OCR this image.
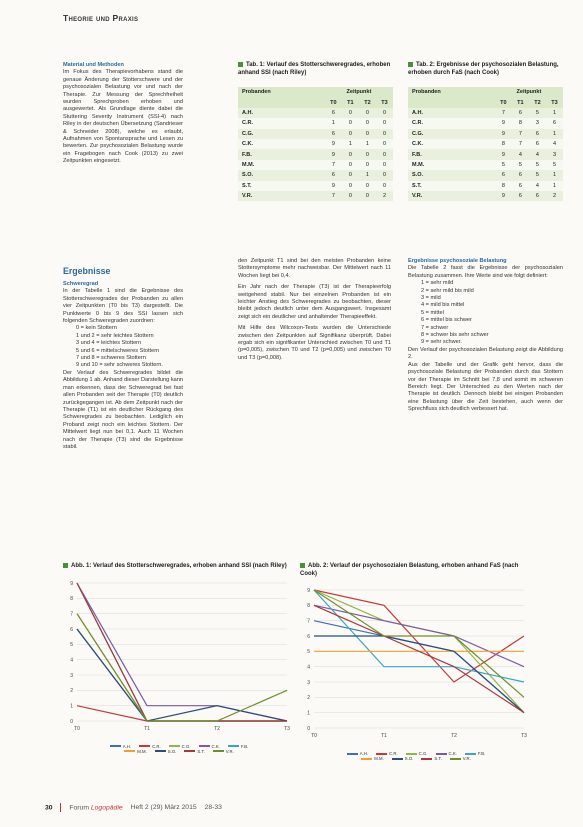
Theorie und Praxis

Material und Methoden

Im Fokus des Therapievorhabens stand die genaue Änderung der Stotterschwere und der psychosozialen Belastung vor und nach der Therapie. Zur Messung der Sprechfreiheit wurden Sprechproben erhoben und ausgewertet. Als Grundlage diente dabei die Stuttering Severity Instrument (SSI-4) nach Riley in der deutschen Übersetzung (Sandrieser & Schneider 2008), welche es erlaubt, Aufnahmen von Spontansprache und Lesen zu bewerten. Zur psychosozialen Belastung wurde ein Fragebogen nach Cook (2013) zu zwei Zeitpunkten eingesetzt.

Ergebnisse

Schweregrad

In der Tabelle 1 sind die Ergebnisse des Stotterschweregrades der Probanden zu allen vier Zeitpunkten (T0 bis T3) dargestellt. Die Punktwerte 0 bis 9 des SSI lassen sich folgenden Schweregraden zuordnen:

0 = kein Stottern
1 und 2 = sehr leichtes Stottern
3 und 4 = leichtes Stottern
5 und 6 = mittelschweres Stottern
7 und 8 = schweres Stottern
9 und 10 = sehr schweres Stottern.

Der Verlauf des Schweregrades bildet die Abbildung 1 ab. Anhand dieser Darstellung kann man erkennen, dass der Schweregrad bei fast allen Probanden seit der Therapie (T0) deutlich zurückgegangen ist. Ab dem Zeitpunkt nach der Therapie (T1) ist ein deutlicher Rückgang des Schweregrades zu beobachten. Lediglich ein Proband zeigt noch ein leichtes Stottern. Der Mittelwert liegt nun bei 0,1. Auch 11 Wochen nach der Therapie (T3) sind die Ergebnisse stabil.

Tab. 1: Verlauf des Stotterschweregrades, erhoben anhand SSI (nach Riley)
Probanden	Zeitpunkt			
	T0	T1	T2	T3
A.H.	6	0	0	0
C.R.	1	0	0	0
C.G.	6	0	0	0
C.K.	9	1	1	0
F.B.	9	0	0	0
M.M.	7	0	0	0
S.O.	6	0	1	0
S.T.	9	0	0	0
V.R.	7	0	0	2
Tab. 2: Ergebnisse der psychosozialen Belastung, erhoben durch FaS (nach Cook)
Probanden	Zeitpunkt			
	T0	T1	T2	T3
A.H.	7	6	5	1
C.R.	9	8	3	6
C.G.	9	7	6	1
C.K.	8	7	6	4
F.B.	9	4	4	3
M.M.	5	5	5	5
S.O.	6	6	5	1
S.T.	8	6	4	1
V.R.	9	6	6	2

den Zeitpunkt T1 sind bei den meisten Probanden keine Stottersymptome mehr nachweisbar. Der Mittelwert nach 11 Wochen liegt bei 0,4.

Ein Jahr nach der Therapie (T3) ist der Therapieerfolg weitgehend stabil. Nur bei einzelnen Probanden ist ein leichter Anstieg des Schweregrades zu beobachten, dieser bleibt jedoch deutlich unter dem Ausgangswert. Insgesamt zeigt sich ein deutlicher und anhaltender Therapieeffekt.

Mit Hilfe des Wilcoxon-Tests wurden die Unterschiede zwischen den Zeitpunkten auf Signifikanz überprüft. Dabei ergab sich ein signifikanter Unterschied zwischen T0 und T1 (p=0,005), zwischen T0 und T2 (p=0,005) und zwischen T0 und T3 (p=0,008).

Ergebnisse psychosoziale Belastung

Die Tabelle 2 fasst die Ergebnisse der psychosozialen Belastung zusammen. Ihre Werte sind wie folgt definiert:

1 = sehr mild
2 = sehr mild bis mild
3 = mild
4 = mild bis mittel
5 = mittel
6 = mittel bis schwer
7 = schwer
8 = schwer bis sehr schwer
9 = sehr schwer.

Den Verlauf der psychosozialen Belastung zeigt die Abbildung 2.

Aus der Tabelle und der Grafik geht hervor, dass die psychosoziale Belastung der Probanden durch das Stottern vor der Therapie im Schnitt bei 7,8 und somit im schweren Bereich liegt. Der Unterschied zu den Werten nach der Therapie ist deutlich. Dennoch bleibt bei einigen Probanden eine Belastung über die Zeit bestehen, auch wenn der Sprechfluss sich deutlich verbessert hat.

Abb. 1: Verlauf des Stotterschweregrades, erhoben anhand SSI (nach Riley)
0
1
2
3
4
5
6
7
8
9
T0	T1	T2	T3
A.H.	C.R.	C.G.	C.K.	F.B.
M.M.	S.O.	S.T.	V.R.
Abb. 2: Verlauf der psychosozialen Belastung, erhoben anhand FaS (nach Cook)
0
1
2
3
4
5
6
7
8
9
T0	T1	T2	T3
A.H.	C.R.	C.G.	C.K.	F.B.
M.M.	S.O.	S.T.	V.R.
30 Forum Logopädie Heft 2 (29) März 2015 28-33
